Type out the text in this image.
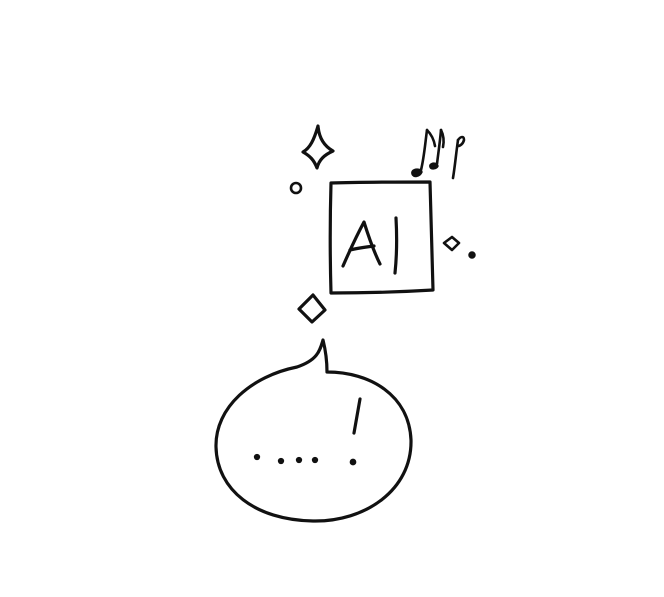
AI
....!
